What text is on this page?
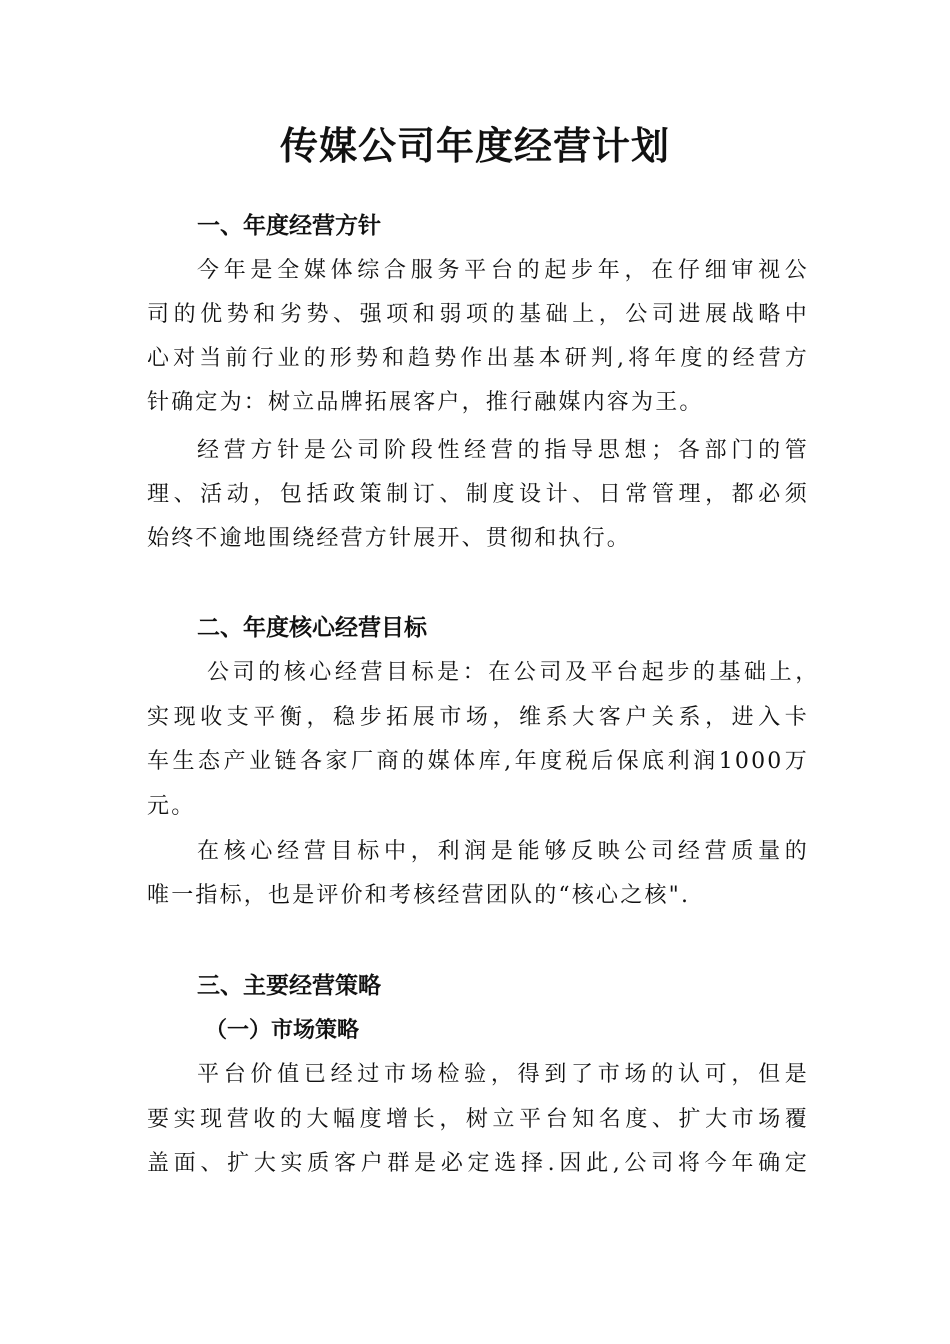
传媒公司年度经营计划
一、年度经营方针

今年是全媒体综合服务平台的起步年，在仔细审视公

司的优势和劣势、强项和弱项的基础上，公司进展战略中

心对当前行业的形势和趋势作出基本研判,将年度的经营方

针确定为：树立品牌拓展客户，推行融媒内容为王。

经营方针是公司阶段性经营的指导思想；各部门的管

理、活动，包括政策制订、制度设计、日常管理，都必须

始终不逾地围绕经营方针展开、贯彻和执行。

二、年度核心经营目标

公司的核心经营目标是：在公司及平台起步的基础上，

实现收支平衡，稳步拓展市场，维系大客户关系，进入卡

车生态产业链各家厂商的媒体库,年度税后保底利润1000万

元。

在核心经营目标中，利润是能够反映公司经营质量的

唯一指标，也是评价和考核经营团队的“核心之核".

三、主要经营策略
（一）市场策略

平台价值已经过市场检验，得到了市场的认可，但是

要实现营收的大幅度增长，树立平台知名度、扩大市场覆

盖面、扩大实质客户群是必定选择.因此,公司将今年确定
